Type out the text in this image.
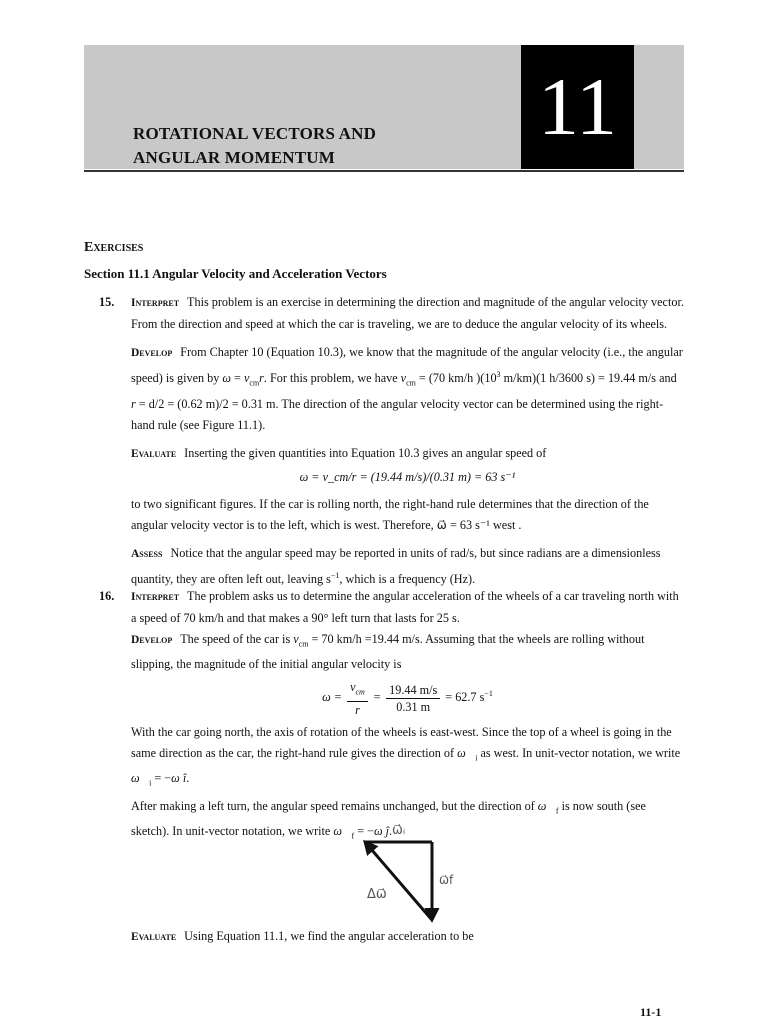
11
ROTATIONAL VECTORS AND
ANGULAR MOMENTUM
Exercises
Section 11.1 Angular Velocity and Acceleration Vectors
15. Interpret This problem is an exercise in determining the direction and magnitude of the angular velocity vector. From the direction and speed at which the car is traveling, we are to deduce the angular velocity of its wheels.

Develop From Chapter 10 (Equation 10.3), we know that the magnitude of the angular velocity (i.e., the angular speed) is given by $\omega = v_{cm}r$. For this problem, we have $v_{cm} = (70$ km/h )($10^3$ m/km)(1 h/3600 s) = 19.44 m/s and r = d/2 = (0.62 m)/2 = 0.31 m. The direction of the angular velocity vector can be determined using the right-hand rule (see Figure 11.1).

Evaluate Inserting the given quantities into Equation 10.3 gives an angular speed of

ω = v_cm/r = (19.44 m/s)/(0.31 m) = 63 s⁻¹

to two significant figures. If the car is rolling north, the right-hand rule determines that the direction of the angular velocity vector is to the left, which is west. Therefore, ω⃗ = 63 s⁻¹ west .

Assess Notice that the angular speed may be reported in units of rad/s, but since radians are a dimensionless quantity, they are often left out, leaving $s^{-1}$, which is a frequency (Hz).

16. Interpret The problem asks us to determine the angular acceleration of the wheels of a car traveling north with a speed of 70 km/h and that makes a 90° left turn that lasts for 25 s.

Develop The speed of the car is $v_{cm} = 70$ km/h =19.44 m/s. Assuming that the wheels are rolling without slipping, the magnitude of the initial angular velocity is

$\omega = \frac{v_{cm}}{r} = \frac{19.44 m/s}{0.31 m} = 62.7$ $s^{-1}$

With the car going north, the axis of rotation of the wheels is east-west. Since the top of a wheel is going in the same direction as the car, the right-hand rule gives the direction of $\omega⃗_i$ as west. In unit-vector notation, we write
$\omega⃗_i = -\omega$ î.

After making a left turn, the angular speed remains unchanged, but the direction of $\omega⃗_f$ is now south (see sketch). In unit-vector notation, we write $\omega⃗_f = -\omega$ ĵ. ω⃗ᵢ
ω⃗f
Δω⃗

Evaluate Using Equation 11.1, we find the angular acceleration to be

11-1
